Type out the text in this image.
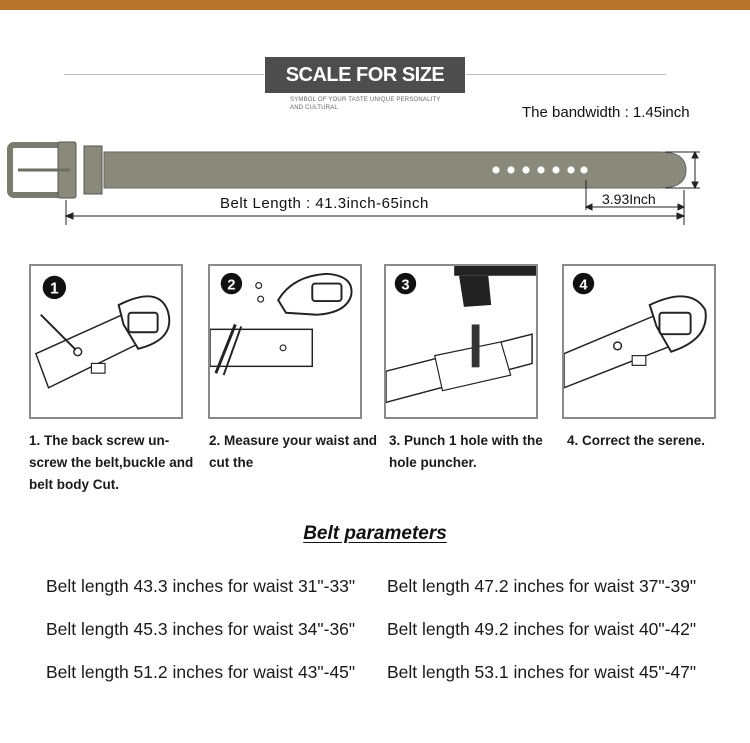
SCALE FOR SIZE
SYMBOL OF YOUR TASTE UNIQUE PERSONALITY AND CULTURAL	The bandwidth : 1.45inch
Belt Length : 41.3inch-65inch	3.93Inch
1
1. The back screw un-screw the belt,buckle and belt body Cut.
2
2. Measure your waist and cut the
3
3. Punch 1 hole with the hole puncher.
4
4. Correct the serene.
Belt parameters
Belt length 43.3 inches for waist 31"-33" Belt length 47.2 inches for waist 37"-39"
Belt length 45.3 inches for waist 34"-36" Belt length 49.2 inches for waist 40"-42"
Belt length 51.2 inches for waist 43"-45" Belt length 53.1 inches for waist 45"-47"
